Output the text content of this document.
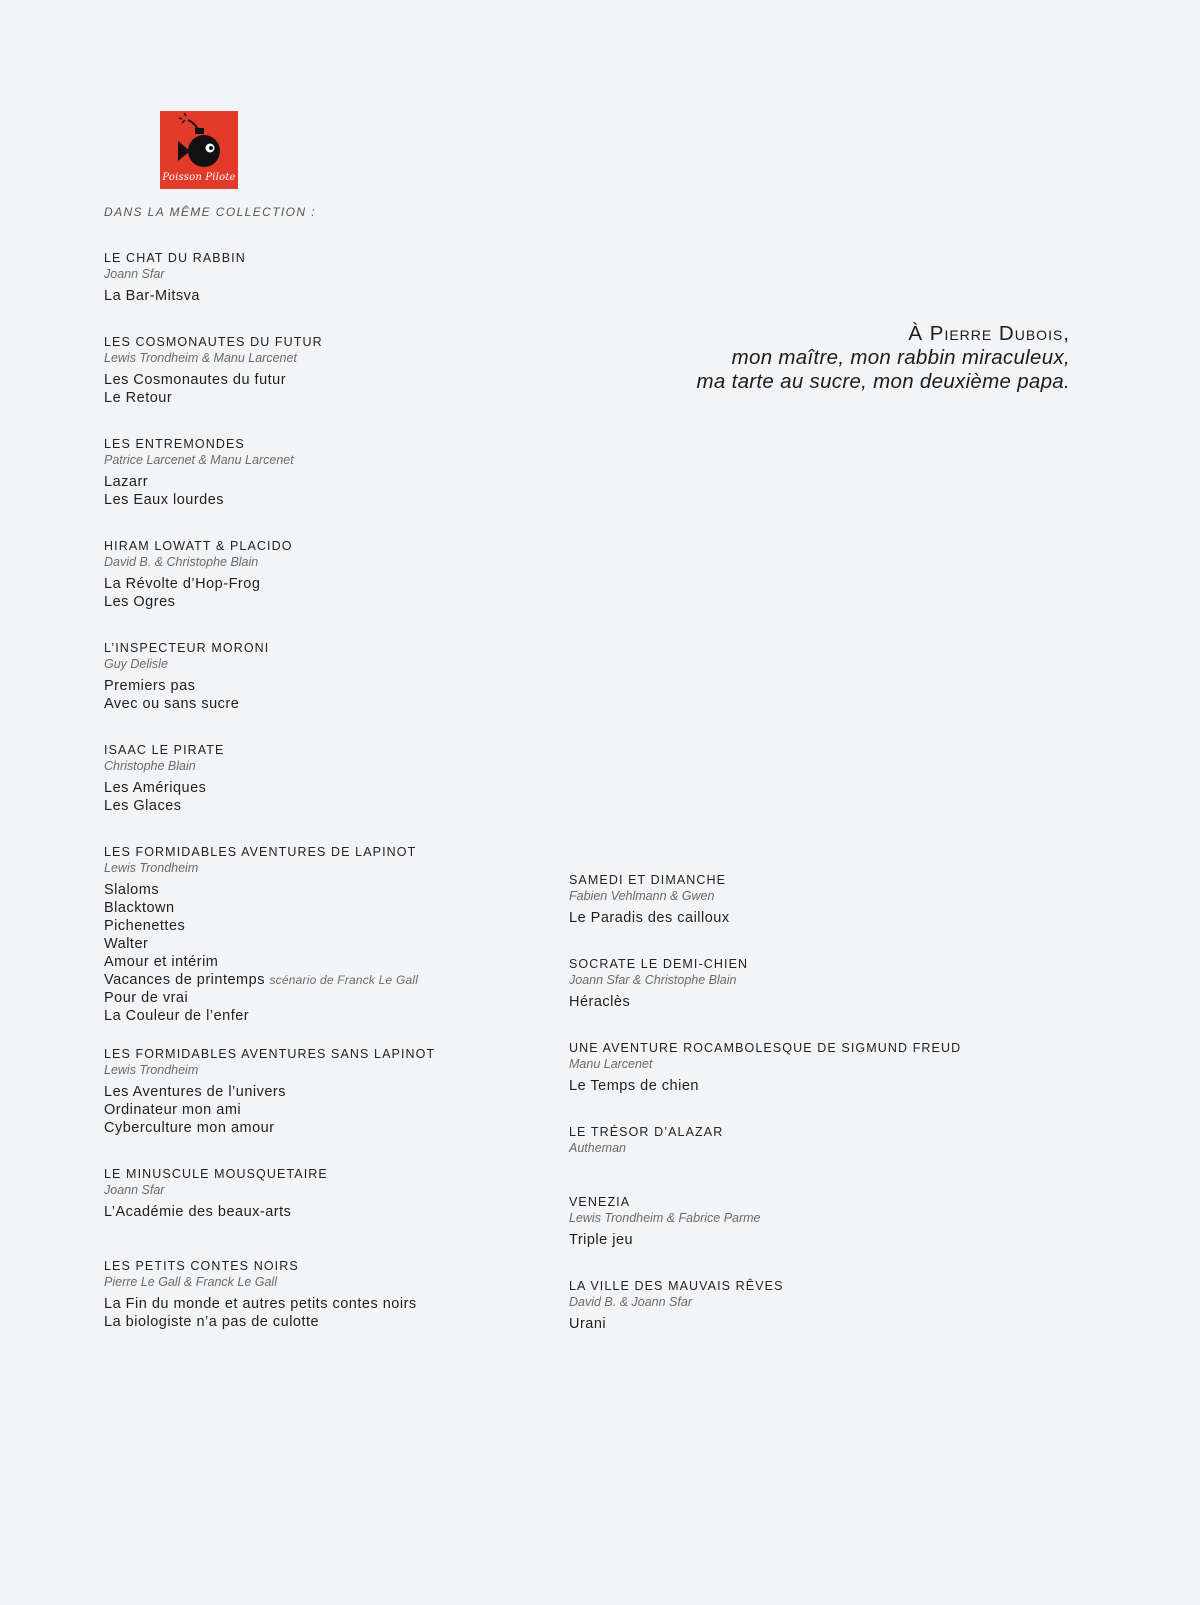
Poisson Pilote
DANS LA MÊME COLLECTION :
LE CHAT DU RABBIN
Joann Sfar
La Bar-Mitsva
LES COSMONAUTES DU FUTUR
Lewis Trondheim & Manu Larcenet
Les Cosmonautes du futur
Le Retour
LES ENTREMONDES
Patrice Larcenet & Manu Larcenet
Lazarr
Les Eaux lourdes
HIRAM LOWATT & PLACIDO
David B. & Christophe Blain
La Révolte d’Hop-Frog
Les Ogres
L’INSPECTEUR MORONI
Guy Delisle
Premiers pas
Avec ou sans sucre
ISAAC LE PIRATE
Christophe Blain
Les Amériques
Les Glaces
LES FORMIDABLES AVENTURES DE LAPINOT
Lewis Trondheim
Slaloms
Blacktown
Pichenettes
Walter
Amour et intérim
Vacances de printemps scénario de Franck Le Gall
Pour de vrai
La Couleur de l’enfer
LES FORMIDABLES AVENTURES SANS LAPINOT
Lewis Trondheim
Les Aventures de l’univers
Ordinateur mon ami
Cyberculture mon amour
LE MINUSCULE MOUSQUETAIRE
Joann Sfar
L’Académie des beaux-arts
LES PETITS CONTES NOIRS
Pierre Le Gall & Franck Le Gall
La Fin du monde et autres petits contes noirs
La biologiste n’a pas de culotte
SAMEDI ET DIMANCHE
Fabien Vehlmann & Gwen
Le Paradis des cailloux
SOCRATE LE DEMI-CHIEN
Joann Sfar & Christophe Blain
Héraclès
UNE AVENTURE ROCAMBOLESQUE DE SIGMUND FREUD
Manu Larcenet
Le Temps de chien
LE TRÉSOR D’ALAZAR
Autheman
VENEZIA
Lewis Trondheim & Fabrice Parme
Triple jeu
LA VILLE DES MAUVAIS RÊVES
David B. & Joann Sfar
Urani
À Pierre Dubois,
mon maître, mon rabbin miraculeux,
ma tarte au sucre, mon deuxième papa.
